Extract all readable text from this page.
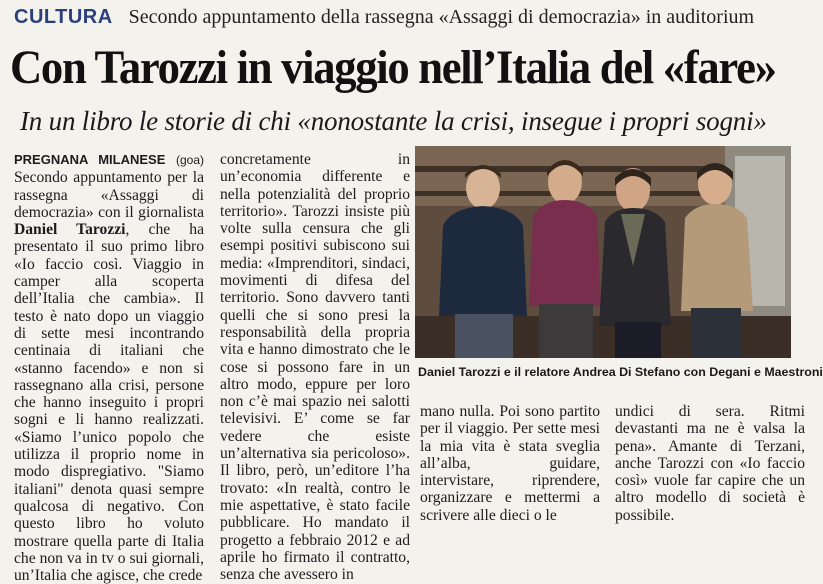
CULTURA Secondo appuntamento della rassegna «Assaggi di democrazia» in auditorium
Con Tarozzi in viaggio nell’Italia del «fare»
In un libro le storie di chi «nonostante la crisi, insegue i propri sogni»
PREGNANA MILANESE (goa) Secondo appuntamento per la rassegna «Assaggi di democrazia» con il giornalista Daniel Tarozzi, che ha presentato il suo primo libro «Io faccio così. Viaggio in camper alla scoperta dell’Italia che cambia». Il testo è nato dopo un viaggio di sette mesi incontrando centinaia di italiani che «stanno facendo» e non si rassegnano alla crisi, persone che hanno inseguito i propri sogni e li hanno realizzati. «Siamo l’unico popolo che utilizza il proprio nome in modo dispregiativo. "Siamo italiani" denota quasi sempre qualcosa di negativo. Con questo libro ho voluto mostrare quella parte di Italia che non va in tv o sui giornali, un’Italia che agisce, che crede
concretamente in un’economia differente e nella potenzialità del proprio territorio». Tarozzi insiste più volte sulla censura che gli esempi positivi subiscono sui media: «Imprenditori, sindaci, movimenti di difesa del territorio. Sono davvero tanti quelli che si sono presi la responsabilità della propria vita e hanno dimostrato che le cose si possono fare in un altro modo, eppure per loro non c’è mai spazio nei salotti televisivi. E’ come se far vedere che esiste un’alternativa sia pericoloso». Il libro, però, un’editore l’ha trovato: «In realtà, contro le mie aspettative, è stato facile pubblicare. Ho mandato il progetto a febbraio 2012 e ad aprile ho firmato il contratto, senza che avessero in
Daniel Tarozzi e il relatore Andrea Di Stefano con Degani e Maestroni
mano nulla. Poi sono partito per il viaggio. Per sette mesi la mia vita è stata sveglia all’alba, guidare, intervistare, riprendere, organizzare e mettermi a scrivere alle dieci o le
undici di sera. Ritmi devastanti ma ne è valsa la pena». Amante di Terzani, anche Tarozzi con «Io faccio così» vuole far capire che un altro modello di società è possibile.
